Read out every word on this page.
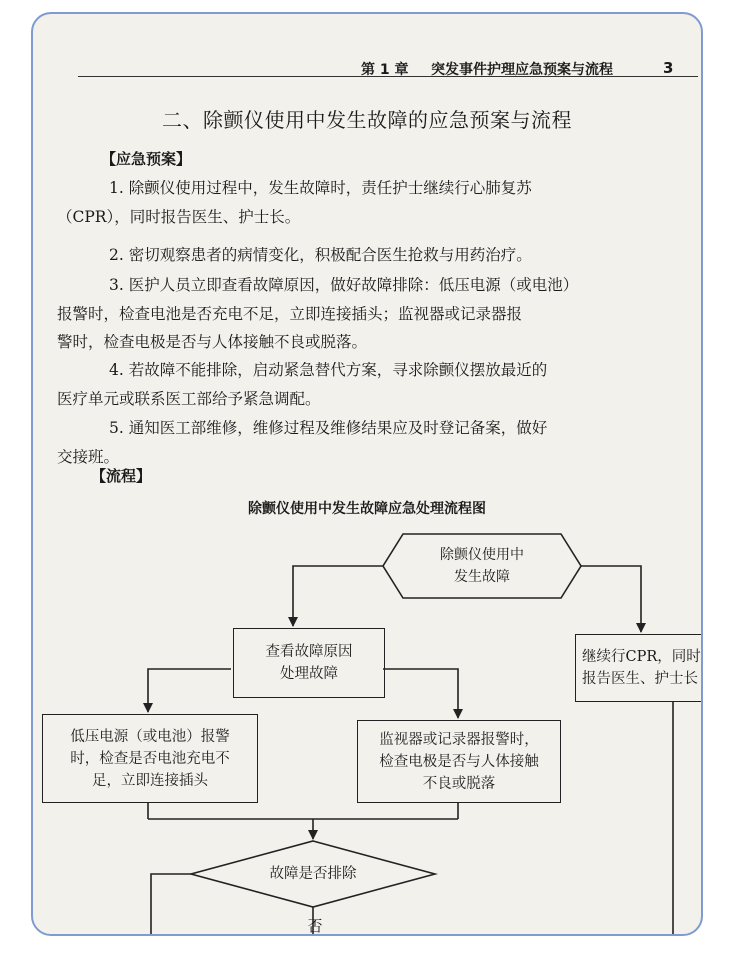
第 1 章 突发事件护理应急预案与流程	3
二、除颤仪使用中发生故障的应急预案与流程
【应急预案】
1. 除颤仪使用过程中，发生故障时，责任护士继续行心肺复苏
（CPR），同时报告医生、护士长。
2. 密切观察患者的病情变化，积极配合医生抢救与用药治疗。
3. 医护人员立即查看故障原因，做好故障排除：低压电源（或电池）
报警时，检查电池是否充电不足，立即连接插头；监视器或记录器报
警时，检查电极是否与人体接触不良或脱落。
4. 若故障不能排除，启动紧急替代方案，寻求除颤仪摆放最近的
医疗单元或联系医工部给予紧急调配。
5. 通知医工部维修，维修过程及维修结果应及时登记备案，做好
交接班。
【流程】
除颤仪使用中发生故障应急处理流程图
除颤仪使用中
发生故障
查看故障原因
处理故障
继续行CPR，同时
报告医生、护士长
低压电源（或电池）报警
时，检查是否电池充电不
足，立即连接插头
监视器或记录器报警时，
检查电极是否与人体接触
不良或脱落
故障是否排除
否
